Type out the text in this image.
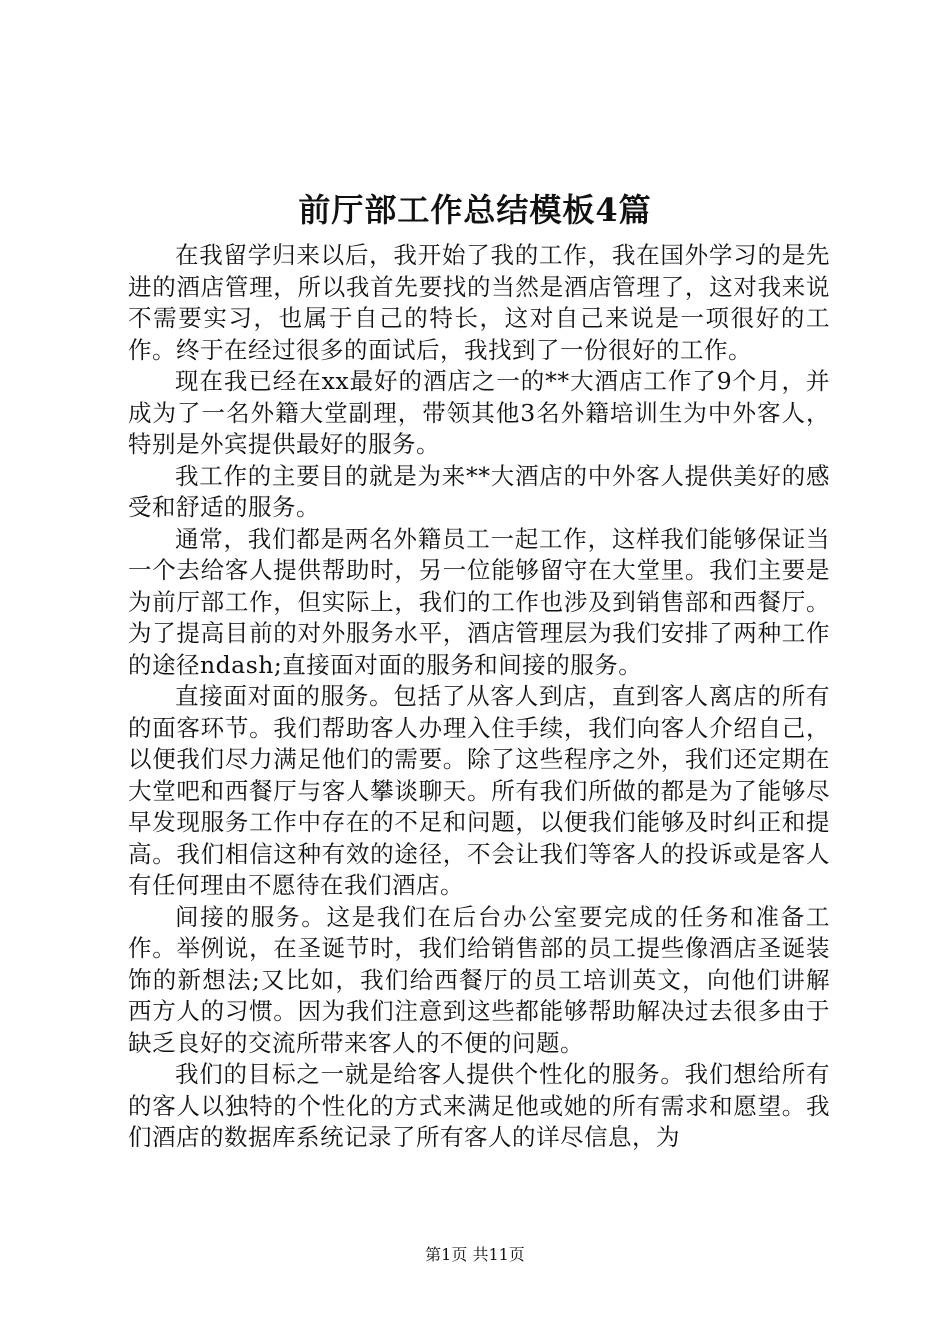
前厅部工作总结模板4篇

在我留学归来以后，我开始了我的工作，我在国外学习的是先进的酒店管理，所以我首先要找的当然是酒店管理了，这对我来说不需要实习，也属于自己的特长，这对自己来说是一项很好的工作。终于在经过很多的面试后，我找到了一份很好的工作。

现在我已经在xx最好的酒店之一的**大酒店工作了9个月，并成为了一名外籍大堂副理，带领其他3名外籍培训生为中外客人，特别是外宾提供最好的服务。

我工作的主要目的就是为来**大酒店的中外客人提供美好的感受和舒适的服务。

通常，我们都是两名外籍员工一起工作，这样我们能够保证当一个去给客人提供帮助时，另一位能够留守在大堂里。我们主要是为前厅部工作，但实际上，我们的工作也涉及到销售部和西餐厅。为了提高目前的对外服务水平，酒店管理层为我们安排了两种工作的途径ndash;直接面对面的服务和间接的服务。

直接面对面的服务。包括了从客人到店，直到客人离店的所有的面客环节。我们帮助客人办理入住手续，我们向客人介绍自己，以便我们尽力满足他们的需要。除了这些程序之外，我们还定期在大堂吧和西餐厅与客人攀谈聊天。所有我们所做的都是为了能够尽早发现服务工作中存在的不足和问题，以便我们能够及时纠正和提高。我们相信这种有效的途径，不会让我们等客人的投诉或是客人有任何理由不愿待在我们酒店。

间接的服务。这是我们在后台办公室要完成的任务和准备工作。举例说，在圣诞节时，我们给销售部的员工提些像酒店圣诞装饰的新想法;又比如，我们给西餐厅的员工培训英文，向他们讲解西方人的习惯。因为我们注意到这些都能够帮助解决过去很多由于缺乏良好的交流所带来客人的不便的问题。

我们的目标之一就是给客人提供个性化的服务。我们想给所有的客人以独特的个性化的方式来满足他或她的所有需求和愿望。我们酒店的数据库系统记录了所有客人的详尽信息，为

第1页 共11页
